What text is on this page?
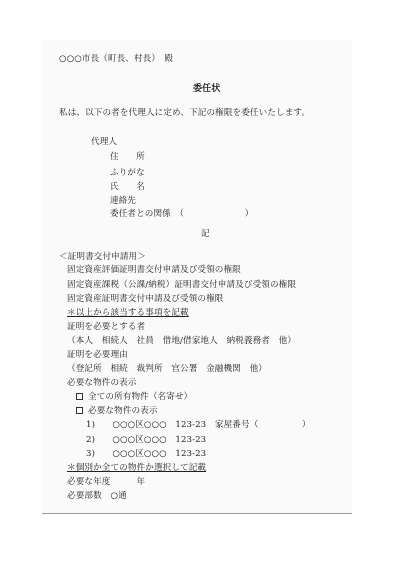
○○○市長（町長、村長）　殿
委任状
私は、以下の者を代理人に定め、下記の権限を委任いたします。
代理人
住　　所
ふりがな
氏　　名
連絡先
委任者との関係　（　　　　　　　）
記
＜証明書交付申請用＞
固定資産評価証明書交付申請及び受領の権限
固定資産課税（公課/納税）証明書交付申請及び受領の権限
固定資産証明書交付申請及び受領の権限
＊以上から該当する事項を記載
証明を必要とする者
（本人　相続人　社員　借地/借家地人　納税義務者　他）
証明を必要理由
（登記所　相続　裁判所　官公署　金融機関　他）
必要な物件の表示
全ての所有物件（名寄せ）
必要な物件の表示
1)　　○○○区○○○　123-23　家屋番号（　　　　　）
2)　　○○○区○○○　123-23
3)　　○○○区○○○　123-23
＊個別か全ての物件か選択して記載
必要な年度　　　年
必要部数　○通
